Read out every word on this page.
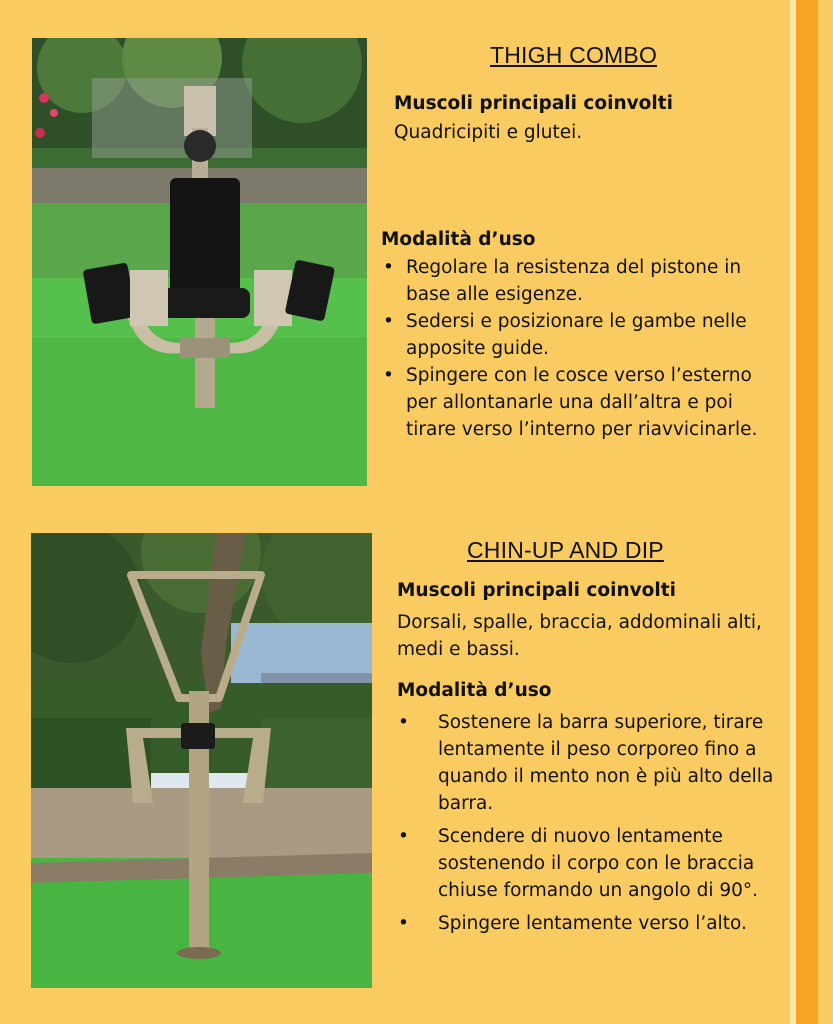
THIGH COMBO
Muscoli principali coinvolti
Quadricipiti e glutei.
Modalità d’uso
• Regolare la resistenza del pistone in base alle esigenze.
• Sedersi e posizionare le gambe nelle apposite guide.
• Spingere con le cosce verso l’esterno per allontanarle una dall’altra e poi tirare verso l’interno per riavvicinarle.
CHIN-UP AND DIP
Muscoli principali coinvolti
Dorsali, spalle, braccia, addominali alti, medi e bassi.
Modalità d’uso
• Sostenere la barra superiore, tirare lentamente il peso corporeo fino a quando il mento non è più alto della barra.
• Scendere di nuovo lentamente sostenendo il corpo con le braccia chiuse formando un angolo di 90°.
• Spingere lentamente verso l’alto.
